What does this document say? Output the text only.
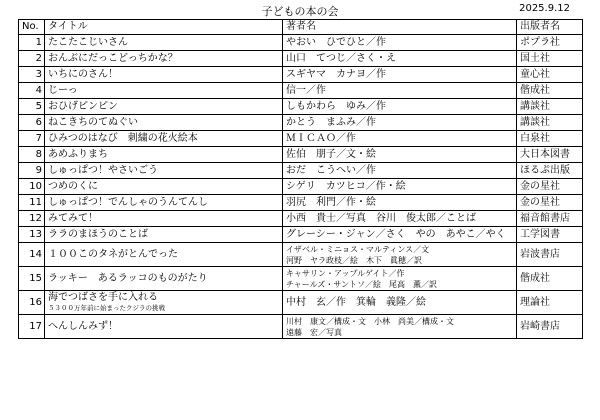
子どもの本の会	2025.9.12
No.	タイトル	著者名	出版者名
1	たこたこじいさん	やおい　ひでひと／作	ポプラ社
2	おんぶにだっこどっちかな？	山口　てつじ／さく・え	国土社
3	いちにのさん！	スギヤマ　カナヨ／作	童心社
4	じーっ	信一／作	偕成社
5	おひげピンピン	しもかわら　ゆみ／作	講談社
6	ねこきちのてぬぐい	かとう　まふみ／作	講談社
7	ひみつのはなび　刺繍の花火絵本	ＭＩＣＡＯ／作	白泉社
8	あめふりまち	佐伯　朋子／文・絵	大日本図書
9	しゅっぱつ！やさいごう	おだ　こうへい／作	ほるぷ出版
10	つめのくに	シゲリ　カツヒコ／作・絵	金の星社
11	しゅっぱつ！でんしゃのうんてんし	羽尻　利門／作・絵	金の星社
12	みてみて！	小西　貴士／写真　谷川　俊太郎／ことば	福音館書店
13	ララのまほうのことば	グレーシー・ジャン／さく　やの　あやこ／やく	工学図書
14	１００このタネがとんでった	イザベル・ミニョス・マルティンス／文
河野　ヤラ政枝／絵　木下　眞穂／訳	岩波書店
15	ラッキー　あるラッコのものがたり	キャサリン・アップルゲイト／作
チャールズ・サントソ／絵　尾高　薫／訳	偕成社
16	海でつばさを手に入れる
５３００万年前に始まったクジラの挑戦	中村　玄／作　箕輪　義隆／絵	理論社
17	へんしんみず！	川村　康文／構成・文　小林　尚美／構成・文
遠藤　宏／写真	岩崎書店
